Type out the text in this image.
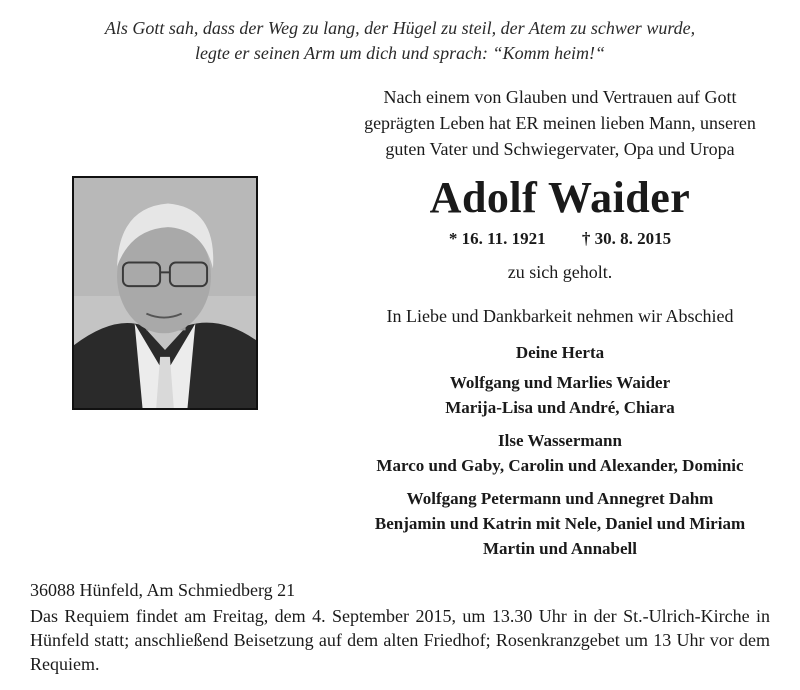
Als Gott sah, dass der Weg zu lang, der Hügel zu steil, der Atem zu schwer wurde,
legte er seinen Arm um dich und sprach: “Komm heim!“
Nach einem von Glauben und Vertrauen auf Gott
geprägten Leben hat ER meinen lieben Mann, unseren
guten Vater und Schwiegervater, Opa und Uropa
Adolf Waider
* 16. 11. 1921 † 30. 8. 2015
zu sich geholt.
In Liebe und Dankbarkeit nehmen wir Abschied
Deine Herta
Wolfgang und Marlies Waider
Marija-Lisa und André, Chiara
Ilse Wassermann
Marco und Gaby, Carolin und Alexander, Dominic
Wolfgang Petermann und Annegret Dahm
Benjamin und Katrin mit Nele, Daniel und Miriam
Martin und Annabell
36088 Hünfeld, Am Schmiedberg 21
Das Requiem findet am Freitag, dem 4. September 2015, um 13.30 Uhr in der St.-Ulrich-Kirche in Hünfeld statt; anschließend Beisetzung auf dem alten Friedhof; Rosenkranzgebet um 13 Uhr vor dem Requiem.
